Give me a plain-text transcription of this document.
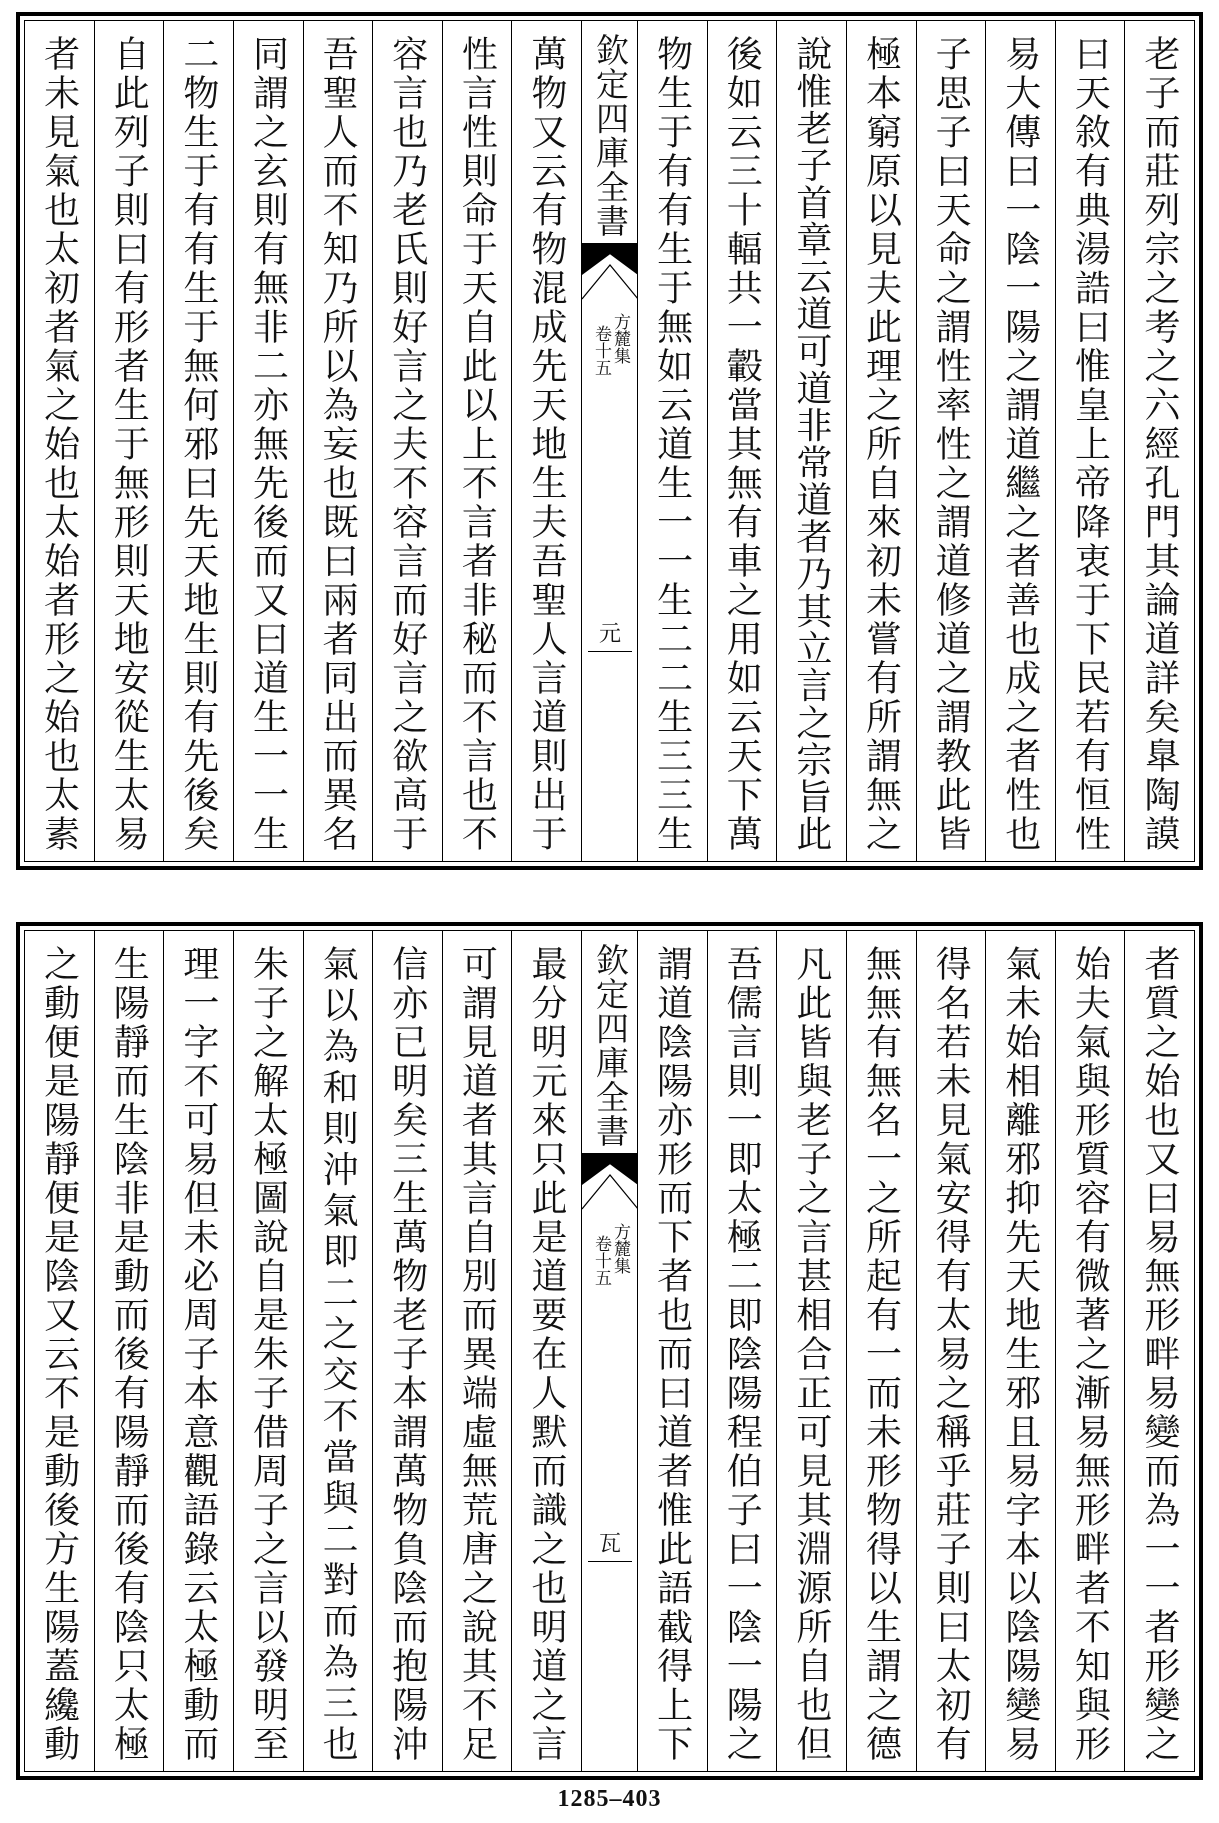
老子而莊列宗之考之六經孔門其論道詳矣臯陶謨
曰天敘有典湯誥曰惟皇上帝降衷于下民若有恒性
易大傳曰一陰一陽之謂道繼之者善也成之者性也
子思子曰天命之謂性率性之謂道修道之謂教此皆
極本窮原以見夫此理之所自來初未嘗有所謂無之
說惟老子首章云道可道非常道者乃其立言之宗旨此
後如云三十輻共一轂當其無有車之用如云天下萬
物生于有有生于無如云道生一一生二二生三三生
欽定四庫全書
方麓集
卷十五
元
萬物又云有物混成先天地生夫吾聖人言道則出于
性言性則命于天自此以上不言者非秘而不言也不
容言也乃老氏則好言之夫不容言而好言之欲高于
吾聖人而不知乃所以為妄也既曰兩者同出而異名
同謂之玄則有無非二亦無先後而又曰道生一一生
二物生于有有生于無何邪曰先天地生則有先後矣
自此列子則曰有形者生于無形則天地安從生太易
者未見氣也太初者氣之始也太始者形之始也太素
者質之始也又曰易無形畔易變而為一一者形變之
始夫氣與形質容有微著之漸易無形畔者不知與形
氣未始相離邪抑先天地生邪且易字本以陰陽變易
得名若未見氣安得有太易之稱乎莊子則曰太初有
無無有無名一之所起有一而未形物得以生謂之德
凡此皆與老子之言甚相合正可見其淵源所自也但
吾儒言則一即太極二即陰陽程伯子曰一陰一陽之
謂道陰陽亦形而下者也而曰道者惟此語截得上下
欽定四庫全書
方麓集
卷十五
瓦
最分明元來只此是道要在人默而識之也明道之言
可謂見道者其言自別而異端虛無荒唐之說其不足
信亦已明矣三生萬物老子本謂萬物負陰而抱陽沖
氣以為和則沖氣即二之交不當與二對而為三也
朱子之解太極圖說自是朱子借周子之言以發明至
理一字不可易但未必周子本意觀語錄云太極動而
生陽靜而生陰非是動而後有陽靜而後有陰只太極
之動便是陽靜便是陰又云不是動後方生陽蓋纔動
1285–403
